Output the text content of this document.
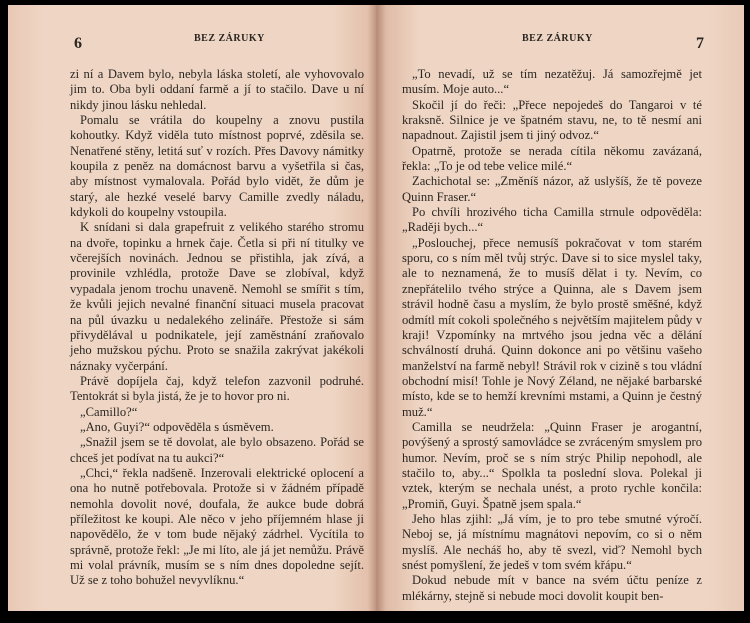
6	BEZ ZÁRUKY

zi ní a Davem bylo, nebyla láska století, ale vyhovovalo jim to. Oba byli oddaní farmě a jí to stačilo. Dave u ní nikdy jinou lásku nehledal.

Pomalu se vrátila do koupelny a znovu pustila kohoutky. Když viděla tuto místnost poprvé, zděsila se. Nenatřené stěny, letitá suť v rozích. Přes Davovy námitky koupila z peněz na domácnost barvu a vyšetřila si čas, aby místnost vymalovala. Pořád bylo vidět, že dům je starý, ale hezké veselé barvy Camille zvedly náladu, kdykoli do koupelny vstoupila.

K snídani si dala grapefruit z velikého starého stromu na dvoře, topinku a hrnek čaje. Četla si při ní titulky ve včerejších novinách. Jednou se přistihla, jak zívá, a provinile vzhlédla, protože Dave se zlobíval, když vypadala jenom trochu unaveně. Nemohl se smířit s tím, že kvůli jejich nevalné finanční situaci musela pracovat na půl úvazku u nedalekého zelináře. Přestože si sám přivydělával u podnikatele, její zaměstnání zraňovalo jeho mužskou pýchu. Proto se snažila zakrývat jakékoli náznaky vyčerpání.

Právě dopíjela čaj, když telefon zazvonil podruhé. Tentokrát si byla jistá, že je to hovor pro ni.

„Camillo?“

„Ano, Guyi?“ odpověděla s úsměvem.

„Snažil jsem se tě dovolat, ale bylo obsazeno. Pořád se chceš jet podívat na tu aukci?“

„Chci,“ řekla nadšeně. Inzerovali elektrické oplocení a ona ho nutně potřebovala. Protože si v žádném případě nemohla dovolit nové, doufala, že aukce bude dobrá příležitost ke koupi. Ale něco v jeho příjemném hlase ji napovědělo, že v tom bude nějaký zádrhel. Vycítila to správně, protože řekl: „Je mi líto, ale já jet nemůžu. Právě mi volal právník, musím se s ním dnes dopoledne sejít. Už se z toho bohužel nevyvlíknu.“

BEZ ZÁRUKY	7

„To nevadí, už se tím nezatěžuj. Já samozřejmě jet musím. Moje auto...“

Skočil jí do řeči: „Přece nepojedeš do Tangaroi v té kraksně. Silnice je ve špatném stavu, ne, to tě nesmí ani napadnout. Zajistil jsem ti jiný odvoz.“

Opatrně, protože se nerada cítila někomu zavázaná, řekla: „To je od tebe velice milé.“

Zachichotal se: „Změníš názor, až uslyšíš, že tě poveze Quinn Fraser.“

Po chvíli hrozivého ticha Camilla strnule odpověděla: „Raději bych...“

„Poslouchej, přece nemusíš pokračovat v tom starém sporu, co s ním měl tvůj strýc. Dave si to sice myslel taky, ale to neznamená, že to musíš dělat i ty. Nevím, co znepřátelilo tvého strýce a Quinna, ale s Davem jsem strávil hodně času a myslím, že bylo prostě směšné, když odmítl mít cokoli společného s největším majitelem půdy v kraji! Vzpomínky na mrtvého jsou jedna věc a dělání schválností druhá. Quinn dokonce ani po většinu vašeho manželství na farmě nebyl! Strávil rok v cizině s tou vládní obchodní misí! Tohle je Nový Zéland, ne nějaké barbarské místo, kde se to hemží krevními mstami, a Quinn je čestný muž.“

Camilla se neudržela: „Quinn Fraser je arogantní, povýšený a sprostý samovládce se zvráceným smyslem pro humor. Nevím, proč se s ním strýc Philip nepohodl, ale stačilo to, aby...“ Spolkla ta poslední slova. Polekal ji vztek, kterým se nechala unést, a proto rychle končila: „Promiň, Guyi. Špatně jsem spala.“

Jeho hlas zjihl: „Já vím, je to pro tebe smutné výročí. Neboj se, já místnímu magnátovi nepovím, co si o něm myslíš. Ale necháš ho, aby tě svezl, viď? Nemohl bych snést pomyšlení, že jedeš v tom svém křápu.“

Dokud nebude mít v bance na svém účtu peníze z mlékárny, stejně si nebude moci dovolit koupit ben-
